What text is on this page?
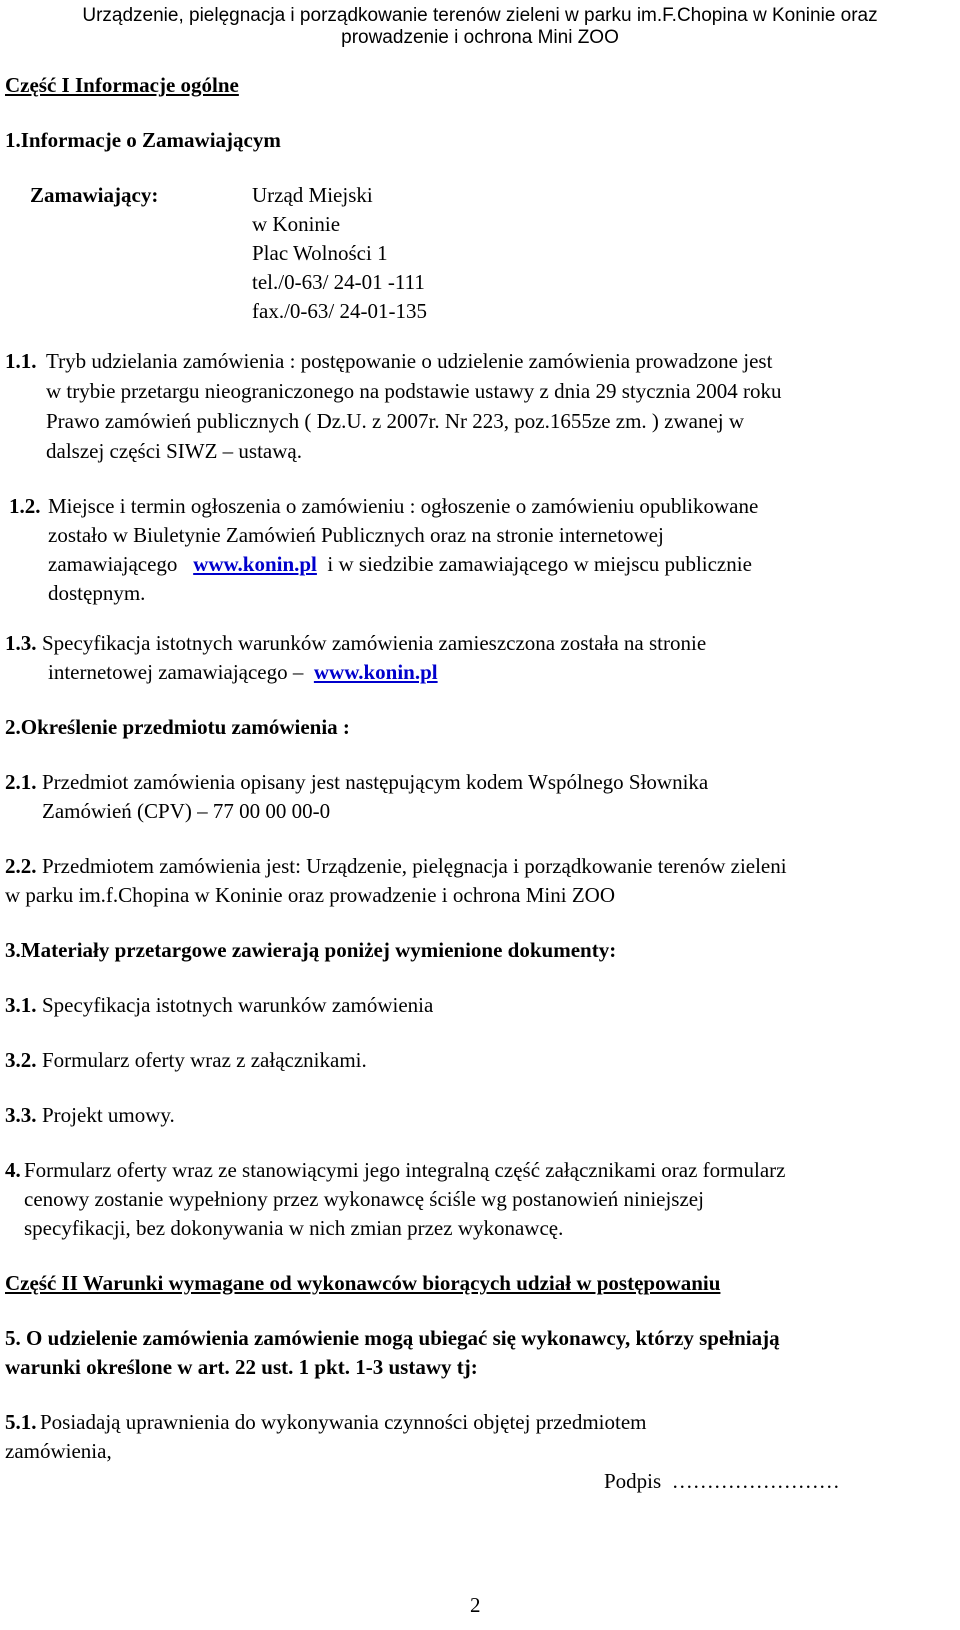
Urządzenie, pielęgnacja i porządkowanie terenów zieleni w parku im.F.Chopina w Koninie oraz
prowadzenie i ochrona Mini ZOO
Część I Informacje ogólne
1.Informacje o Zamawiającym
Zamawiający:	Urząd Miejski
w Koninie
Plac Wolności 1
tel./0-63/ 24-01 -111
fax./0-63/ 24-01-135
1.1. Tryb udzielania zamówienia : postępowanie o udzielenie zamówienia prowadzone jest
w trybie przetargu nieograniczonego na podstawie ustawy z dnia 29 stycznia 2004 roku
Prawo zamówień publicznych ( Dz.U. z 2007r. Nr 223, poz.1655ze zm. ) zwanej w
dalszej części SIWZ – ustawą.
1.2. Miejsce i termin ogłoszenia o zamówieniu : ogłoszenie o zamówieniu opublikowane
zostało w Biuletynie Zamówień Publicznych oraz na stronie internetowej
zamawiającego www.konin.pl i w siedzibie zamawiającego w miejscu publicznie
dostępnym.
1.3. Specyfikacja istotnych warunków zamówienia zamieszczona została na stronie
internetowej zamawiającego – www.konin.pl
2.Określenie przedmiotu zamówienia :
2.1. Przedmiot zamówienia opisany jest następującym kodem Wspólnego Słownika
Zamówień (CPV) – 77 00 00 00-0
2.2. Przedmiotem zamówienia jest: Urządzenie, pielęgnacja i porządkowanie terenów zieleni
w parku im.f.Chopina w Koninie oraz prowadzenie i ochrona Mini ZOO
3.Materiały przetargowe zawierają poniżej wymienione dokumenty:
3.1. Specyfikacja istotnych warunków zamówienia
3.2. Formularz oferty wraz z załącznikami.
3.3. Projekt umowy.
4. Formularz oferty wraz ze stanowiącymi jego integralną część załącznikami oraz formularz
cenowy zostanie wypełniony przez wykonawcę ściśle wg postanowień niniejszej
specyfikacji, bez dokonywania w nich zmian przez wykonawcę.
Część II Warunki wymagane od wykonawców biorących udział w postępowaniu
5. O udzielenie zamówienia zamówienie mogą ubiegać się wykonawcy, którzy spełniają
warunki określone w art. 22 ust. 1 pkt. 1-3 ustawy tj:
5.1. Posiadają uprawnienia do wykonywania czynności objętej przedmiotem
zamówienia,
Podpis ……………………
2
